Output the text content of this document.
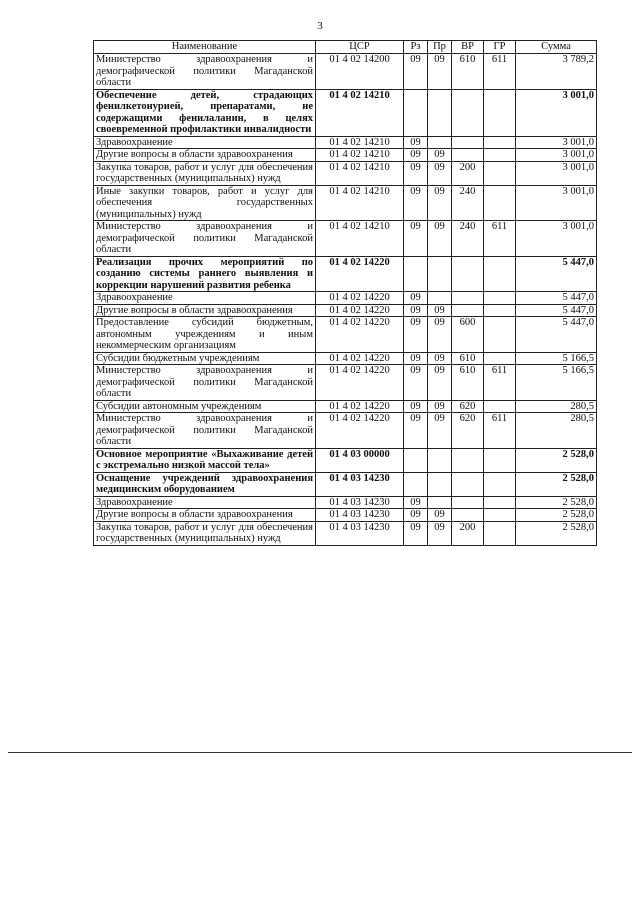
3
Наименование	ЦСР	Рз	Пр	ВР	ГР	Сумма
Министерство здравоохранения и демографической политики Магаданской области	01 4 02 14200	09	09	610	611	3 789,2
Обеспечение детей, страдающих фенилкетонурией, препаратами, не содержащими фенилаланин, в целях своевременной профилактики инвалидности	01 4 02 14210					3 001,0
Здравоохранение	01 4 02 14210	09				3 001,0
Другие вопросы в области здравоохранения	01 4 02 14210	09	09			3 001,0
Закупка товаров, работ и услуг для обеспечения государственных (муниципальных) нужд	01 4 02 14210	09	09	200		3 001,0
Иные закупки товаров, работ и услуг для обеспечения государственных (муниципальных) нужд	01 4 02 14210	09	09	240		3 001,0
Министерство здравоохранения и демографической политики Магаданской области	01 4 02 14210	09	09	240	611	3 001,0
Реализация прочих мероприятий по созданию системы раннего выявления и коррекции нарушений развития ребенка	01 4 02 14220					5 447,0
Здравоохранение	01 4 02 14220	09				5 447,0
Другие вопросы в области здравоохранения	01 4 02 14220	09	09			5 447,0
Предоставление субсидий бюджетным, автономным учреждениям и иным некоммерческим организациям	01 4 02 14220	09	09	600		5 447,0
Субсидии бюджетным учреждениям	01 4 02 14220	09	09	610		5 166,5
Министерство здравоохранения и демографической политики Магаданской области	01 4 02 14220	09	09	610	611	5 166,5
Субсидии автономным учреждениям	01 4 02 14220	09	09	620		280,5
Министерство здравоохранения и демографической политики Магаданской области	01 4 02 14220	09	09	620	611	280,5
Основное мероприятие «Выхаживание детей с экстремально низкой массой тела»	01 4 03 00000					2 528,0
Оснащение учреждений здравоохранения медицинским оборудованием	01 4 03 14230					2 528,0
Здравоохранение	01 4 03 14230	09				2 528,0
Другие вопросы в области здравоохранения	01 4 03 14230	09	09			2 528,0
Закупка товаров, работ и услуг для обеспечения государственных (муниципальных) нужд	01 4 03 14230	09	09	200		2 528,0
